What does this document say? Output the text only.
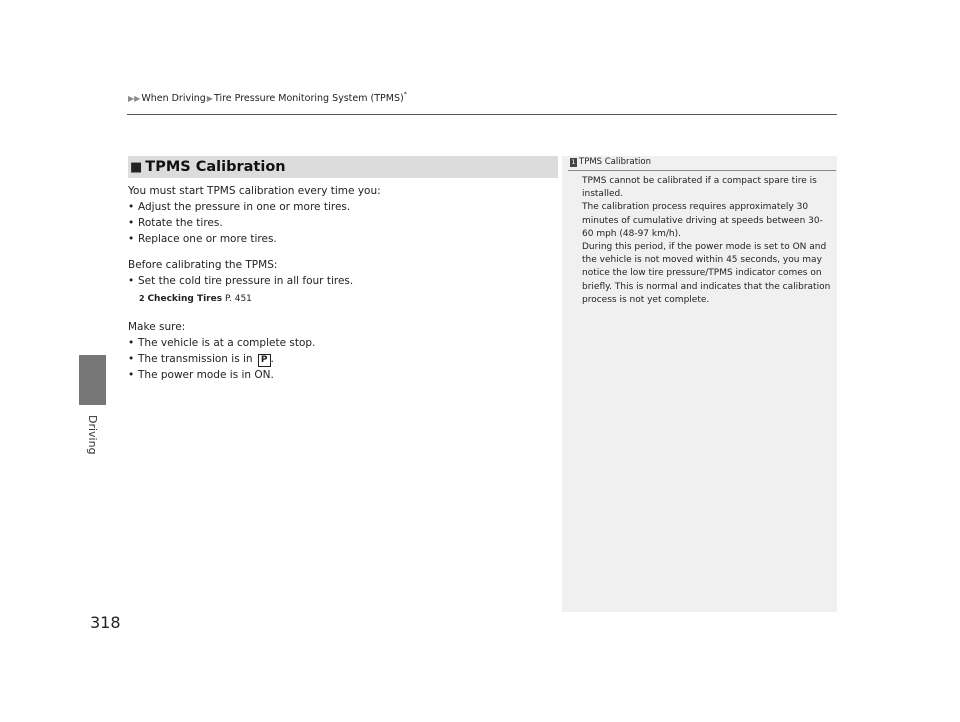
▶▶ When Driving ▶ Tire Pressure Monitoring System (TPMS) *
Driving
318
■ TPMS Calibration

You must start TPMS calibration every time you:

• Adjust the pressure in one or more tires.
• Rotate the tires.
• Replace one or more tires.

Before calibrating the TPMS:

• Set the cold tire pressure in all four tires.
2 Checking Tires P. 451

Make sure:

• The vehicle is at a complete stop.
• The transmission is in P .
• The power mode is in ON.
1 TPMS Calibration

TPMS cannot be calibrated if a compact spare tire is installed.

The calibration process requires approximately 30 minutes of cumulative driving at speeds between 30-60 mph (48-97 km/h).

During this period, if the power mode is set to ON and the vehicle is not moved within 45 seconds, you may notice the low tire pressure/TPMS indicator comes on briefly. This is normal and indicates that the calibration process is not yet complete.
